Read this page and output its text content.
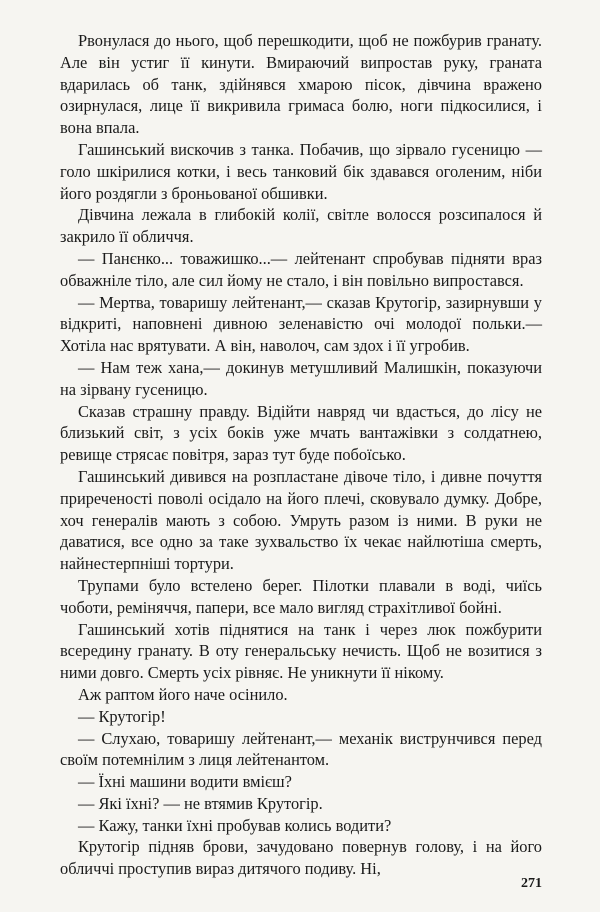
Рвонулася до нього, щоб перешкодити, щоб не пожбурив гранату. Але він устиг її кинути. Вмираючий випростав руку, граната вдарилась об танк, здійнявся хмарою пісок, дівчина вражено озирнулася, лице її викривила гримаса болю, ноги підкосилися, і вона впала.

Гашинський вискочив з танка. Побачив, що зірвало гусеницю — голо шкірилися котки, і весь танковий бік здавався оголеним, ніби його роздягли з броньованої обшивки.

Дівчина лежала в глибокій колії, світле волосся розсипалося й закрило її обличчя.

— Панєнко... товажишко...— лейтенант спробував підняти враз обважніле тіло, але сил йому не стало, і він повільно випростався.

— Мертва, товаришу лейтенант,— сказав Крутогір, зазирнувши у відкриті, наповнені дивною зеленавістю очі молодої польки.— Хотіла нас врятувати. А він, наволоч, сам здох і її угробив.

— Нам теж хана,— докинув метушливий Малишкін, показуючи на зірвану гусеницю.

Сказав страшну правду. Відійти навряд чи вдасться, до лісу не близький світ, з усіх боків уже мчать вантажівки з солдатнею, ревище стрясає повітря, зараз тут буде побоїсько.

Гашинський дивився на розпластане дівоче тіло, і дивне почуття приреченості поволі осідало на його плечі, сковувало думку. Добре, хоч генералів мають з собою. Умруть разом із ними. В руки не даватися, все одно за таке зухвальство їх чекає найлютіша смерть, найнестерпніші тортури.

Трупами було встелено берег. Пілотки плавали в воді, чиїсь чоботи, реміняччя, папери, все мало вигляд страхітливої бойні.

Гашинський хотів піднятися на танк і через люк пожбурити всередину гранату. В оту генеральську нечисть. Щоб не возитися з ними довго. Смерть усіх рівняє. Не уникнути її нікому.

Аж раптом його наче осінило.

— Крутогір!

— Слухаю, товаришу лейтенант,— механік виструнчився перед своїм потемнілим з лиця лейтенантом.

— Їхні машини водити вмієш?

— Які їхні? — не втямив Крутогір.

— Кажу, танки їхні пробував колись водити?

Крутогір підняв брови, зачудовано повернув голову, і на його обличчі проступив вираз дитячого подиву. Ні,

271
